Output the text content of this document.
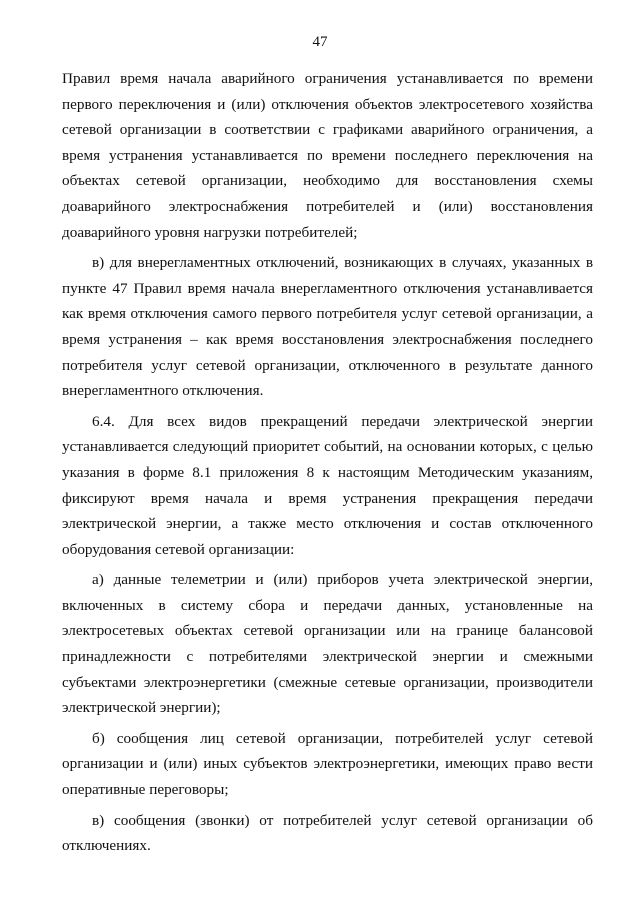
47
Правил время начала аварийного ограничения устанавливается по времени
первого переключения и (или) отключения объектов электросетевого хозяйства
сетевой организации в соответствии с графиками аварийного ограничения, а
время устранения устанавливается по времени последнего переключения на
объектах сетевой организации, необходимо для восстановления схемы
доаварийного электроснабжения потребителей и (или) восстановления
доаварийного уровня нагрузки потребителей;
в) для внерегламентных отключений, возникающих в случаях, указанных в
пункте 47 Правил время начала внерегламентного отключения устанавливается
как время отключения самого первого потребителя услуг сетевой организации, а
время устранения – как время восстановления электроснабжения последнего
потребителя услуг сетевой организации, отключенного в результате данного
внерегламентного отключения.
6.4. Для всех видов прекращений передачи электрической энергии
устанавливается следующий приоритет событий, на основании которых, с целью
указания в форме 8.1 приложения 8 к настоящим Методическим указаниям,
фиксируют время начала и время устранения прекращения передачи
электрической энергии, а также место отключения и состав отключенного
оборудования сетевой организации:
а) данные телеметрии и (или) приборов учета электрической энергии,
включенных в систему сбора и передачи данных, установленные на
электросетевых объектах сетевой организации или на границе балансовой
принадлежности с потребителями электрической энергии и смежными
субъектами электроэнергетики (смежные сетевые организации, производители
электрической энергии);
б) сообщения лиц сетевой организации, потребителей услуг сетевой
организации и (или) иных субъектов электроэнергетики, имеющих право вести
оперативные переговоры;
в) сообщения (звонки) от потребителей услуг сетевой организации об
отключениях.
